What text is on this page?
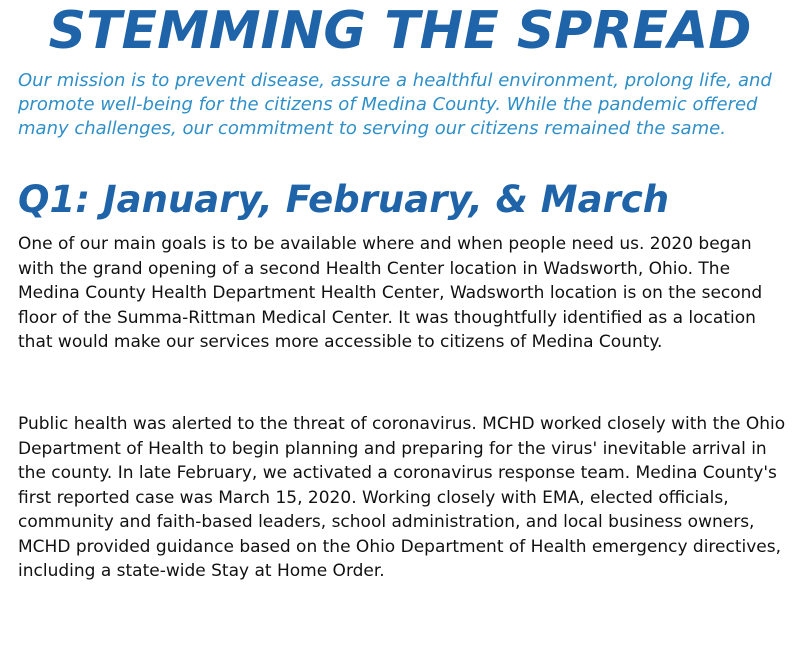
STEMMING THE SPREAD

Our mission is to prevent disease, assure a healthful environment, prolong life, and promote well-being for the citizens of Medina County. While the pandemic offered many challenges, our commitment to serving our citizens remained the same.

Q1: January, February, & March

One of our main goals is to be available where and when people need us. 2020 began with the grand opening of a second Health Center location in Wadsworth, Ohio. The Medina County Health Department Health Center, Wadsworth location is on the second floor of the Summa-Rittman Medical Center. It was thoughtfully identified as a location that would make our services more accessible to citizens of Medina County.

Public health was alerted to the threat of coronavirus. MCHD worked closely with the Ohio Department of Health to begin planning and preparing for the virus' inevitable arrival in the county. In late February, we activated a coronavirus response team. Medina County's first reported case was March 15, 2020. Working closely with EMA, elected officials, community and faith-based leaders, school administration, and local business owners, MCHD provided guidance based on the Ohio Department of Health emergency directives, including a state-wide Stay at Home Order.
